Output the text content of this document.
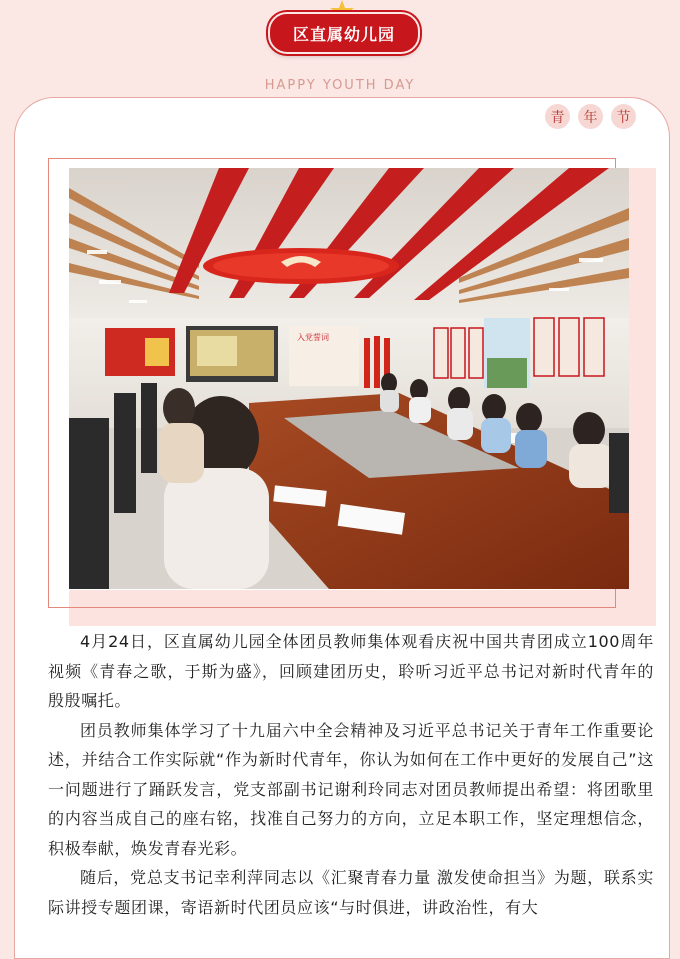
区直属幼儿园
HAPPY YOUTH DAY
青	年	节
入党誓词

4月24日，区直属幼儿园全体团员教师集体观看庆祝中国共青团成立100周年视频《青春之歌，于斯为盛》，回顾建团历史，聆听习近平总书记对新时代青年的殷殷嘱托。

团员教师集体学习了十九届六中全会精神及习近平总书记关于青年工作重要论述，并结合工作实际就“作为新时代青年，你认为如何在工作中更好的发展自己”这一问题进行了踊跃发言，党支部副书记谢利玲同志对团员教师提出希望：将团歌里的内容当成自己的座右铭，找准自己努力的方向，立足本职工作，坚定理想信念，积极奉献，焕发青春光彩。

随后，党总支书记幸利萍同志以《汇聚青春力量 激发使命担当》为题，联系实际讲授专题团课，寄语新时代团员应该“与时俱进，讲政治性，有大
